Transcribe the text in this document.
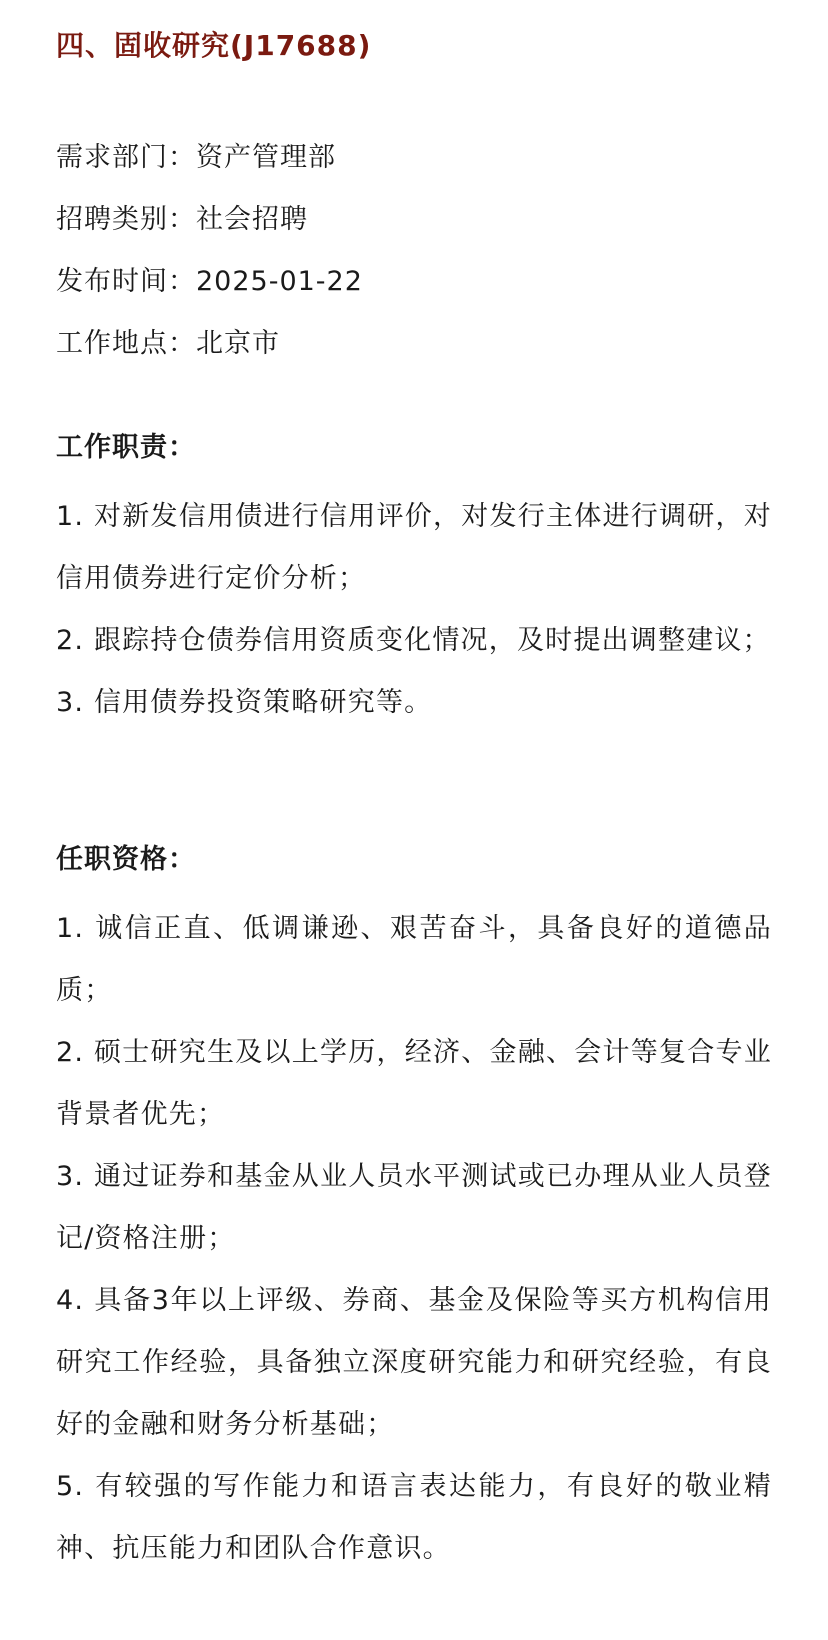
四、固收研究(J17688)
需求部门：资产管理部
招聘类别：社会招聘
发布时间：2025-01-22
工作地点：北京市
工作职责：

1. 对新发信用债进行信用评价，对发行主体进行调研，对信用债券进行定价分析；

2. 跟踪持仓债券信用资质变化情况，及时提出调整建议；

3. 信用债券投资策略研究等。

任职资格：

1. 诚信正直、低调谦逊、艰苦奋斗，具备良好的道德品质；

2. 硕士研究生及以上学历，经济、金融、会计等复合专业背景者优先；

3. 通过证券和基金从业人员水平测试或已办理从业人员登记/资格注册；

4. 具备3年以上评级、券商、基金及保险等买方机构信用研究工作经验，具备独立深度研究能力和研究经验，有良好的金融和财务分析基础；

5. 有较强的写作能力和语言表达能力，有良好的敬业精神、抗压能力和团队合作意识。
